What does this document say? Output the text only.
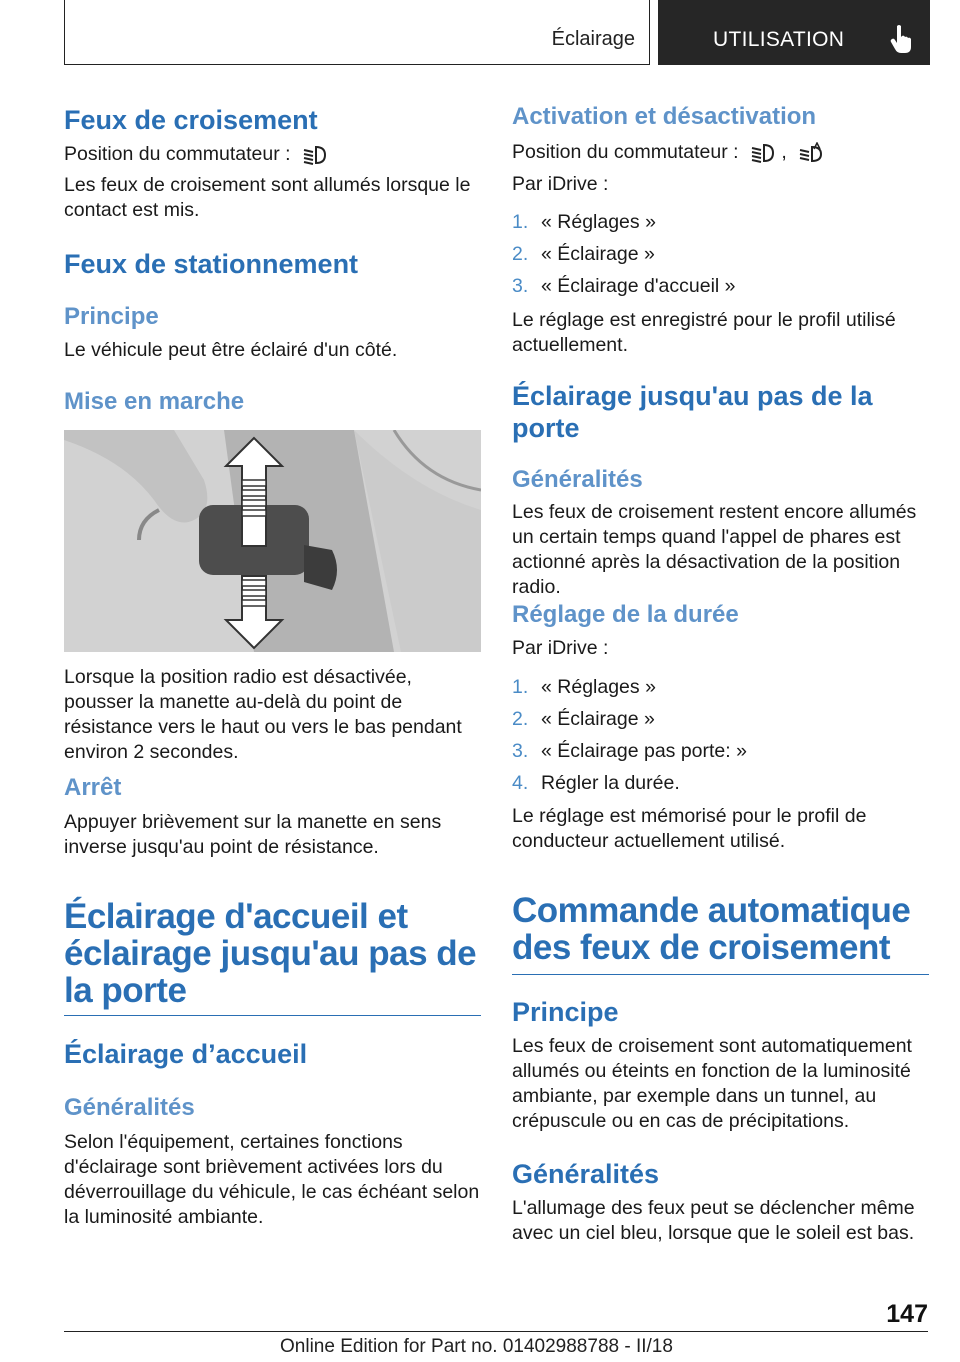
Éclairage	UTILISATION
Feux de croisement

Position du commutateur :

Les feux de croisement sont allumés lorsque le contact est mis.

Feux de stationnement
Principe

Le véhicule peut être éclairé d'un côté.

Mise en marche

Lorsque la position radio est désactivée, pousser la manette au-delà du point de résistance vers le haut ou vers le bas pendant environ 2 secondes.

Arrêt

Appuyer brièvement sur la manette en sens inverse jusqu'au point de résistance.

Éclairage d'accueil et éclairage jusqu'au pas de la porte
Éclairage d’accueil
Généralités

Selon l'équipement, certaines fonctions d'éclairage sont brièvement activées lors du déverrouillage du véhicule, le cas échéant selon la luminosité ambiante.

Activation et désactivation

Position du commutateur : ,

Par iDrive :

1. « Réglages »
2. « Éclairage »
3. « Éclairage d'accueil »

Le réglage est enregistré pour le profil utilisé actuellement.

Éclairage jusqu'au pas de la porte
Généralités

Les feux de croisement restent encore allumés un certain temps quand l'appel de phares est actionné après la désactivation de la position radio.

Réglage de la durée

Par iDrive :

1. « Réglages »
2. « Éclairage »
3. « Éclairage pas porte: »
4. Régler la durée.

Le réglage est mémorisé pour le profil de conducteur actuellement utilisé.

Commande automatique des feux de croisement
Principe

Les feux de croisement sont automatiquement allumés ou éteints en fonction de la luminosité ambiante, par exemple dans un tunnel, au crépuscule ou en cas de précipitations.

Généralités

L'allumage des feux peut se déclencher même avec un ciel bleu, lorsque que le soleil est bas.

147
Online Edition for Part no. 01402988788 - II/18
